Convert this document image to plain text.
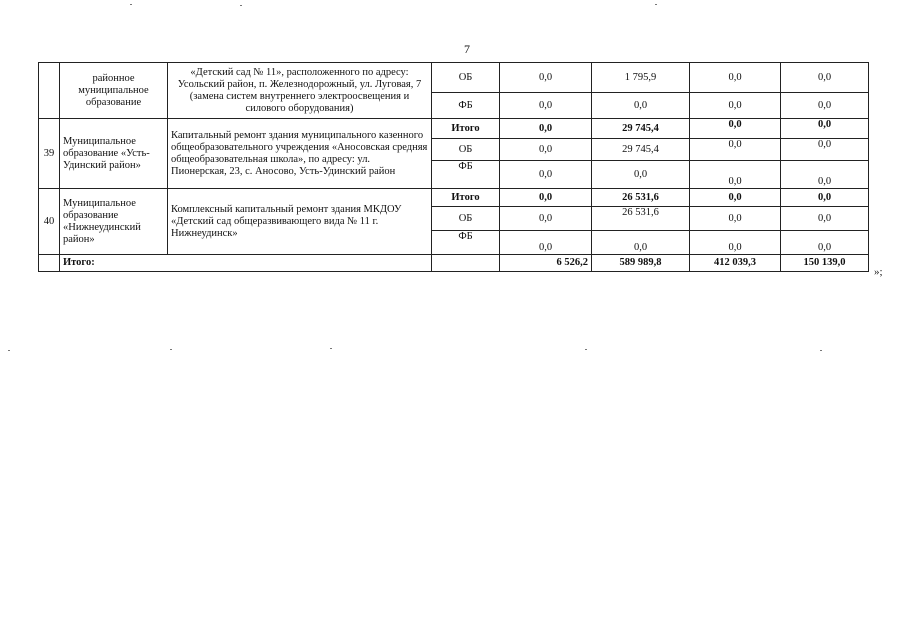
7
	районное муниципальное образование	«Детский сад № 11», расположенного по адресу: Усольский район, п. Железнодорожный, ул. Луговая, 7 (замена систем внутреннего электроосвещения и силового оборудования)	ОБ	0,0	1 795,9	0,0	0,0
			ФБ	0,0	0,0	0,0	0,0
39	Муниципальное образование «Усть-Удинский район»	Капитальный ремонт здания муниципального казенного общеобразовательного учреждения «Аносовская средняя общеобразовательная школа», по адресу: ул. Пионерская, 23, с. Аносово, Усть-Удинский район	Итого	0,0	29 745,4	0,0	0,0
			ОБ	0,0	29 745,4	0,0	0,0
			ФБ	0,0	0,0	0,0	0,0
40	Муниципальное образование «Нижнеудинский район»	Комплексный капитальный ремонт здания МКДОУ «Детский сад общеразвивающего вида № 11 г. Нижнеудинск»	Итого	0,0	26 531,6	0,0	0,0
			ОБ	0,0	26 531,6	0,0	0,0
			ФБ	0,0	0,0	0,0	0,0
	Итого:			6 526,2	589 989,8	412 039,3	150 139,0
»;
